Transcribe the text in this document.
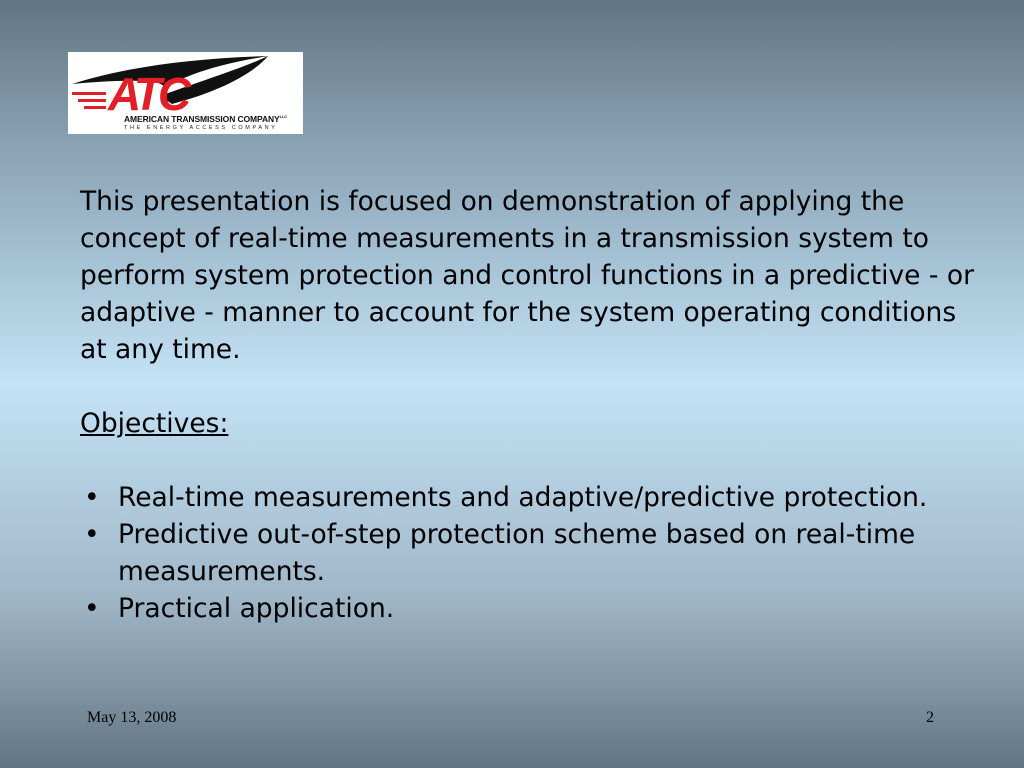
ATC
AMERICAN TRANSMISSION $COMPANY^{LLC}$
THE ENERGY ACCESS COMPANY

This presentation is focused on demonstration of applying the concept of real-time measurements in a transmission system to perform system protection and control functions in a predictive - or adaptive - manner to account for the system operating conditions at any time.

Objectives:

• Real-time measurements and adaptive/predictive protection.
• Predictive out-of-step protection scheme based on real-time measurements.
• Practical application.
May 13, 2008	2
